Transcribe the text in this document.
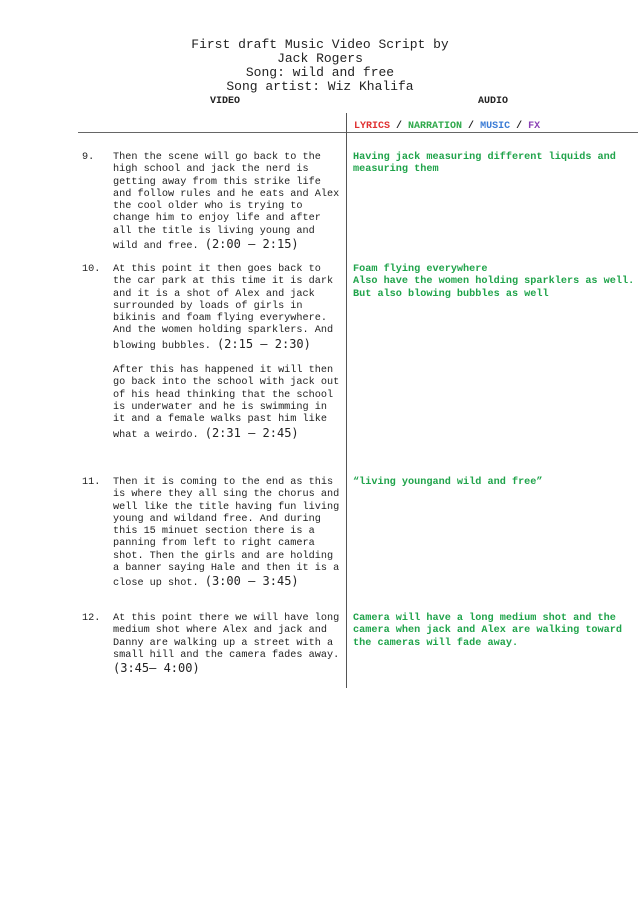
First draft Music Video Script by
Jack Rogers
Song: wild and free
Song artist: Wiz Khalifa
VIDEO	AUDIO
LYRICS / NARRATION / MUSIC / FX
9. Then the scene will go back to the high school and jack the nerd is getting away from this strike life and follow rules and he eats and Alex the cool older who is trying to change him to enjoy life and after all the title is living young and wild and free. (2:00 – 2:15)

Having jack measuring different liquids and measuring them

10. At this point it then goes back to the car park at this time it is dark and it is a shot of Alex and jack surrounded by loads of girls in bikinis and foam flying everywhere. And the women holding sparklers. And blowing bubbles. (2:15 – 2:30)

After this has happened it will then go back into the school with jack out of his head thinking that the school is underwater and he is swimming in it and a female walks past him like what a weirdo. (2:31 – 2:45)

Foam flying everywhere

Also have the women holding sparklers as well. But also blowing bubbles as well

11. Then it is coming to the end as this is where they all sing the chorus and well like the title having fun living young and wildand free. And during this 15 minuet section there is a panning from left to right camera shot. Then the girls and are holding a banner saying Hale and then it is a close up shot. (3:00 – 3:45)

“living youngand wild and free”

12. At this point there we will have long medium shot where Alex and jack and Danny are walking up a street with a small hill and the camera fades away. (3:45– 4:00)

Camera will have a long medium shot and the camera when jack and Alex are walking toward the cameras will fade away.
